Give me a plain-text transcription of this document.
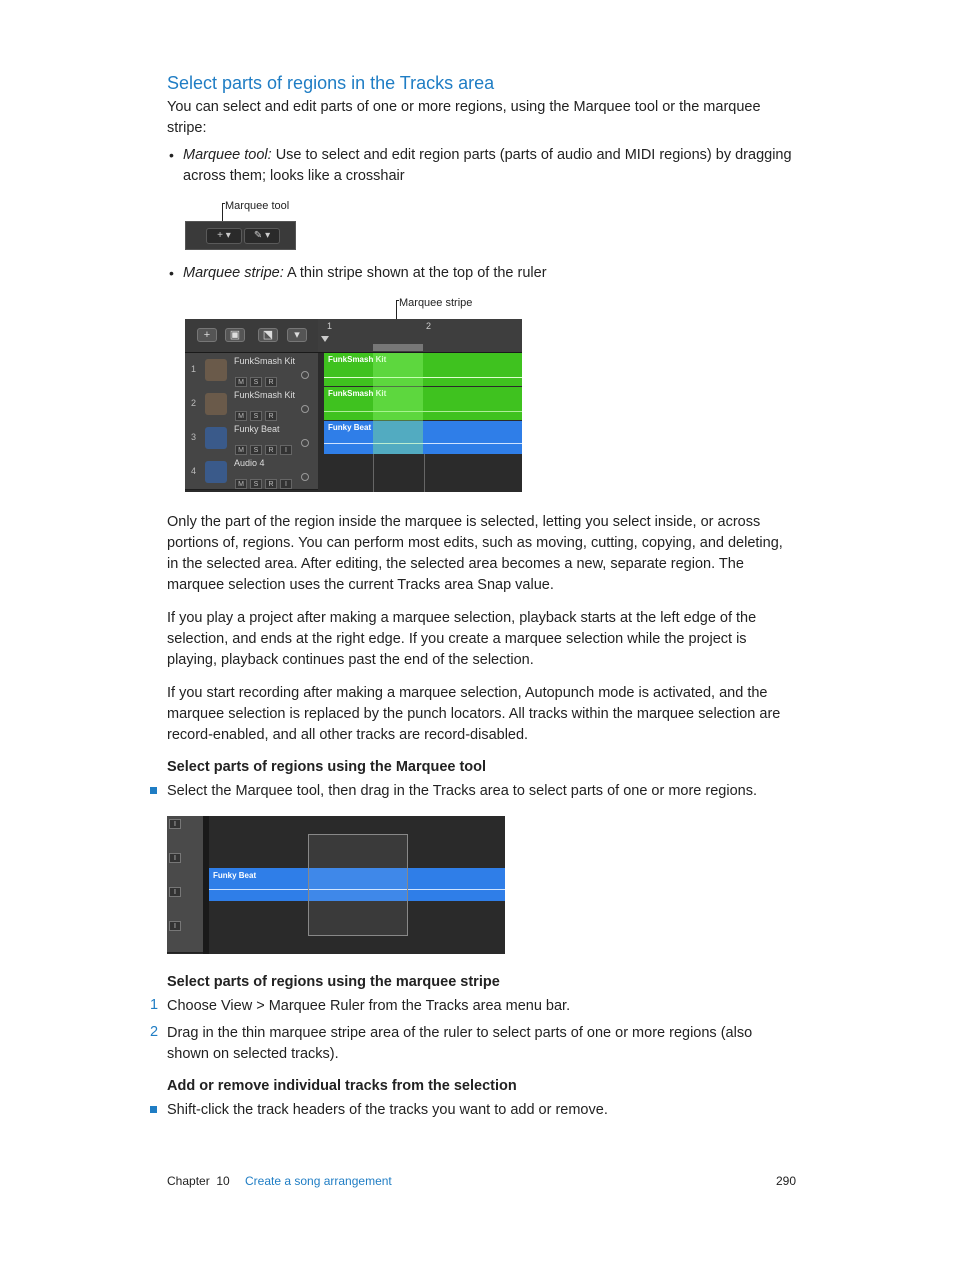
Select parts of regions in the Tracks area
You can select and edit parts of one or more regions, using the Marquee tool or the marquee
stripe:
• Marquee tool: Use to select and edit region parts (parts of audio and MIDI regions) by dragging
across them; looks like a crosshair
Marquee tool
+ ▾	✎ ▾
• Marquee stripe: A thin stripe shown at the top of the ruler
Marquee stripe
+	▣	⬔	▾
1
FunkSmash Kit
M S R
2
FunkSmash Kit
M S R
3
Funky Beat
M S R I
4
Audio 4
M S R I
1	2
FunkSmash Kit
FunkSmash Kit
Funky Beat
Only the part of the region inside the marquee is selected, letting you select inside, or across
portions of, regions. You can perform most edits, such as moving, cutting, copying, and deleting,
in the selected area. After editing, the selected area becomes a new, separate region. The
marquee selection uses the current Tracks area Snap value.
If you play a project after making a marquee selection, playback starts at the left edge of the
selection, and ends at the right edge. If you create a marquee selection while the project is
playing, playback continues past the end of the selection.
If you start recording after making a marquee selection, Autopunch mode is activated, and the
marquee selection is replaced by the punch locators. All tracks within the marquee selection are
record-enabled, and all other tracks are record-disabled.
Select parts of regions using the Marquee tool
Select the Marquee tool, then drag in the Tracks area to select parts of one or more regions.
I
I
I
I
Funky Beat
Select parts of regions using the marquee stripe
1 Choose View > Marquee Ruler from the Tracks area menu bar.
2 Drag in the thin marquee stripe area of the ruler to select parts of one or more regions (also
shown on selected tracks).
Add or remove individual tracks from the selection
Shift-click the track headers of the tracks you want to add or remove.
Chapter 10 Create a song arrangement	290
